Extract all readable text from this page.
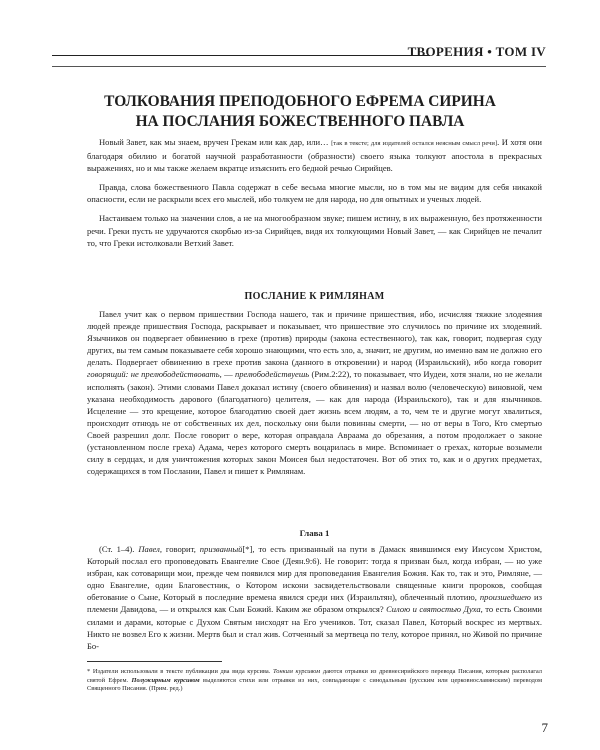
ТВОРЕНИЯ • ТОМ IV
ТОЛКОВАНИЯ ПРЕПОДОБНОГО ЕФРЕМА СИРИНА
НА ПОСЛАНИЯ БОЖЕСТВЕННОГО ПАВЛА

Новый Завет, как мы знаем, вручен Грекам или как дар, или… [так в тексте; для издателей остался неясным смысл речи]. И хотя они благодаря обилию и богатой научной разработанности (образности) своего языка толкуют апостола в прекрасных выражениях, но и мы также желаем вкратце изъяснить его бедной речью Сирийцев.

Правда, слова божественного Павла содержат в себе весьма многие мысли, но в том мы не видим для себя никакой опасности, если не раскрыли всех его мыслей, ибо толкуем не для народа, но для опытных и ученых людей.

Настаиваем только на значении слов, а не на многообразном звуке; пишем истину, в их выраженную, без протяженности речи. Греки пусть не удручаются скорбью из-за Сирийцев, видя их толкующими Новый Завет, — как Сирийцев не печалит то, что Греки истолковали Ветхий Завет.

ПОСЛАНИЕ К РИМЛЯНАМ

Павел учит как о первом пришествии Господа нашего, так и причине пришествия, ибо, исчисляя тяжкие злодеяния людей прежде пришествия Господа, раскрывает и показывает, что пришествие это случилось по причине их злодеяний. Язычников он подвергает обвинению в грехе (против) природы (закона естественного), так как, говорит, подвергая суду других, вы тем самым показываете себя хорошо знающими, что есть зло, а, значит, не другим, но именно вам не должно его делать. Подвергает обвинению в грехе против закона (данного в откровении) и народ (Израильский), ибо когда говорит говорящий: не прелюбодействовать, — прелюбодействуешь (Рим.2:22), то показывает, что Иудеи, хотя знали, но не желали исполнять (закон). Этими словами Павел доказал истину (своего обвинения) и назвал волю (человеческую) виновной, чем указана необходимость дарового (благодатного) целителя, — как для народа (Израильского), так и для язычников. Исцеление — это крещение, которое благодатию своей дает жизнь всем людям, а то, чем те и другие могут хвалиться, происходит отнюдь не от собственных их дел, поскольку они были повинны смерти, — но от веры в Того, Кто смертью Своей разрешил долг. После говорит о вере, которая оправдала Авраама до обрезания, а потом продолжает о законе (установленном после греха) Адама, через которого смерть воцарилась в мире. Вспоминает о грехах, которые возымели силу в сердцах, и для уничтожения которых закон Моисея был недостаточен. Вот об этих то, как и о других предметах, содержащихся в том Послании, Павел и пишет к Римлянам.

Глава 1

(Ст. 1–4). Павел, говорит, призванный[*], то есть призванный на пути в Дамаск явившимся ему Иисусом Христом, Который послал его проповедовать Евангелие Свое (Деян.9:6). Не говорит: тогда я призван был, когда избран, — но уже избран, как сотоварищи мои, прежде чем появился мир для проповедания Евангелия Божия. Как то, так и это, Римляне, — одно Евангелие, один Благовестник, о Котором искони засвидетельствовали священные книги пророков, сообщая обетование о Сыне, Который в последние времена явился среди них (Израильтян), облеченный плотию, произшедшею из племени Давидова, — и открылся как Сын Божий. Каким же образом открылся? Силою и святостью Духа, то есть Своими силами и дарами, которые с Духом Святым нисходят на Его учеников. Тот, сказал Павел, Который воскрес из мертвых. Никто не возвел Его к жизни. Мертв был и стал жив. Сотченный за мертвеца по телу, которое принял, но Живой по причине Бо-

* Издатели использовали в тексте публикации два вида курсива. Тонким курсивом даются отрывки из древнесирийского перевода Писания, которым располагал святой Ефрем. Полужирным курсивом выделяются стихи или отрывки из них, совпадающие с синодальным (русским или церковнославянским) переводом Священного Писания. (Прим. ред.)
7
